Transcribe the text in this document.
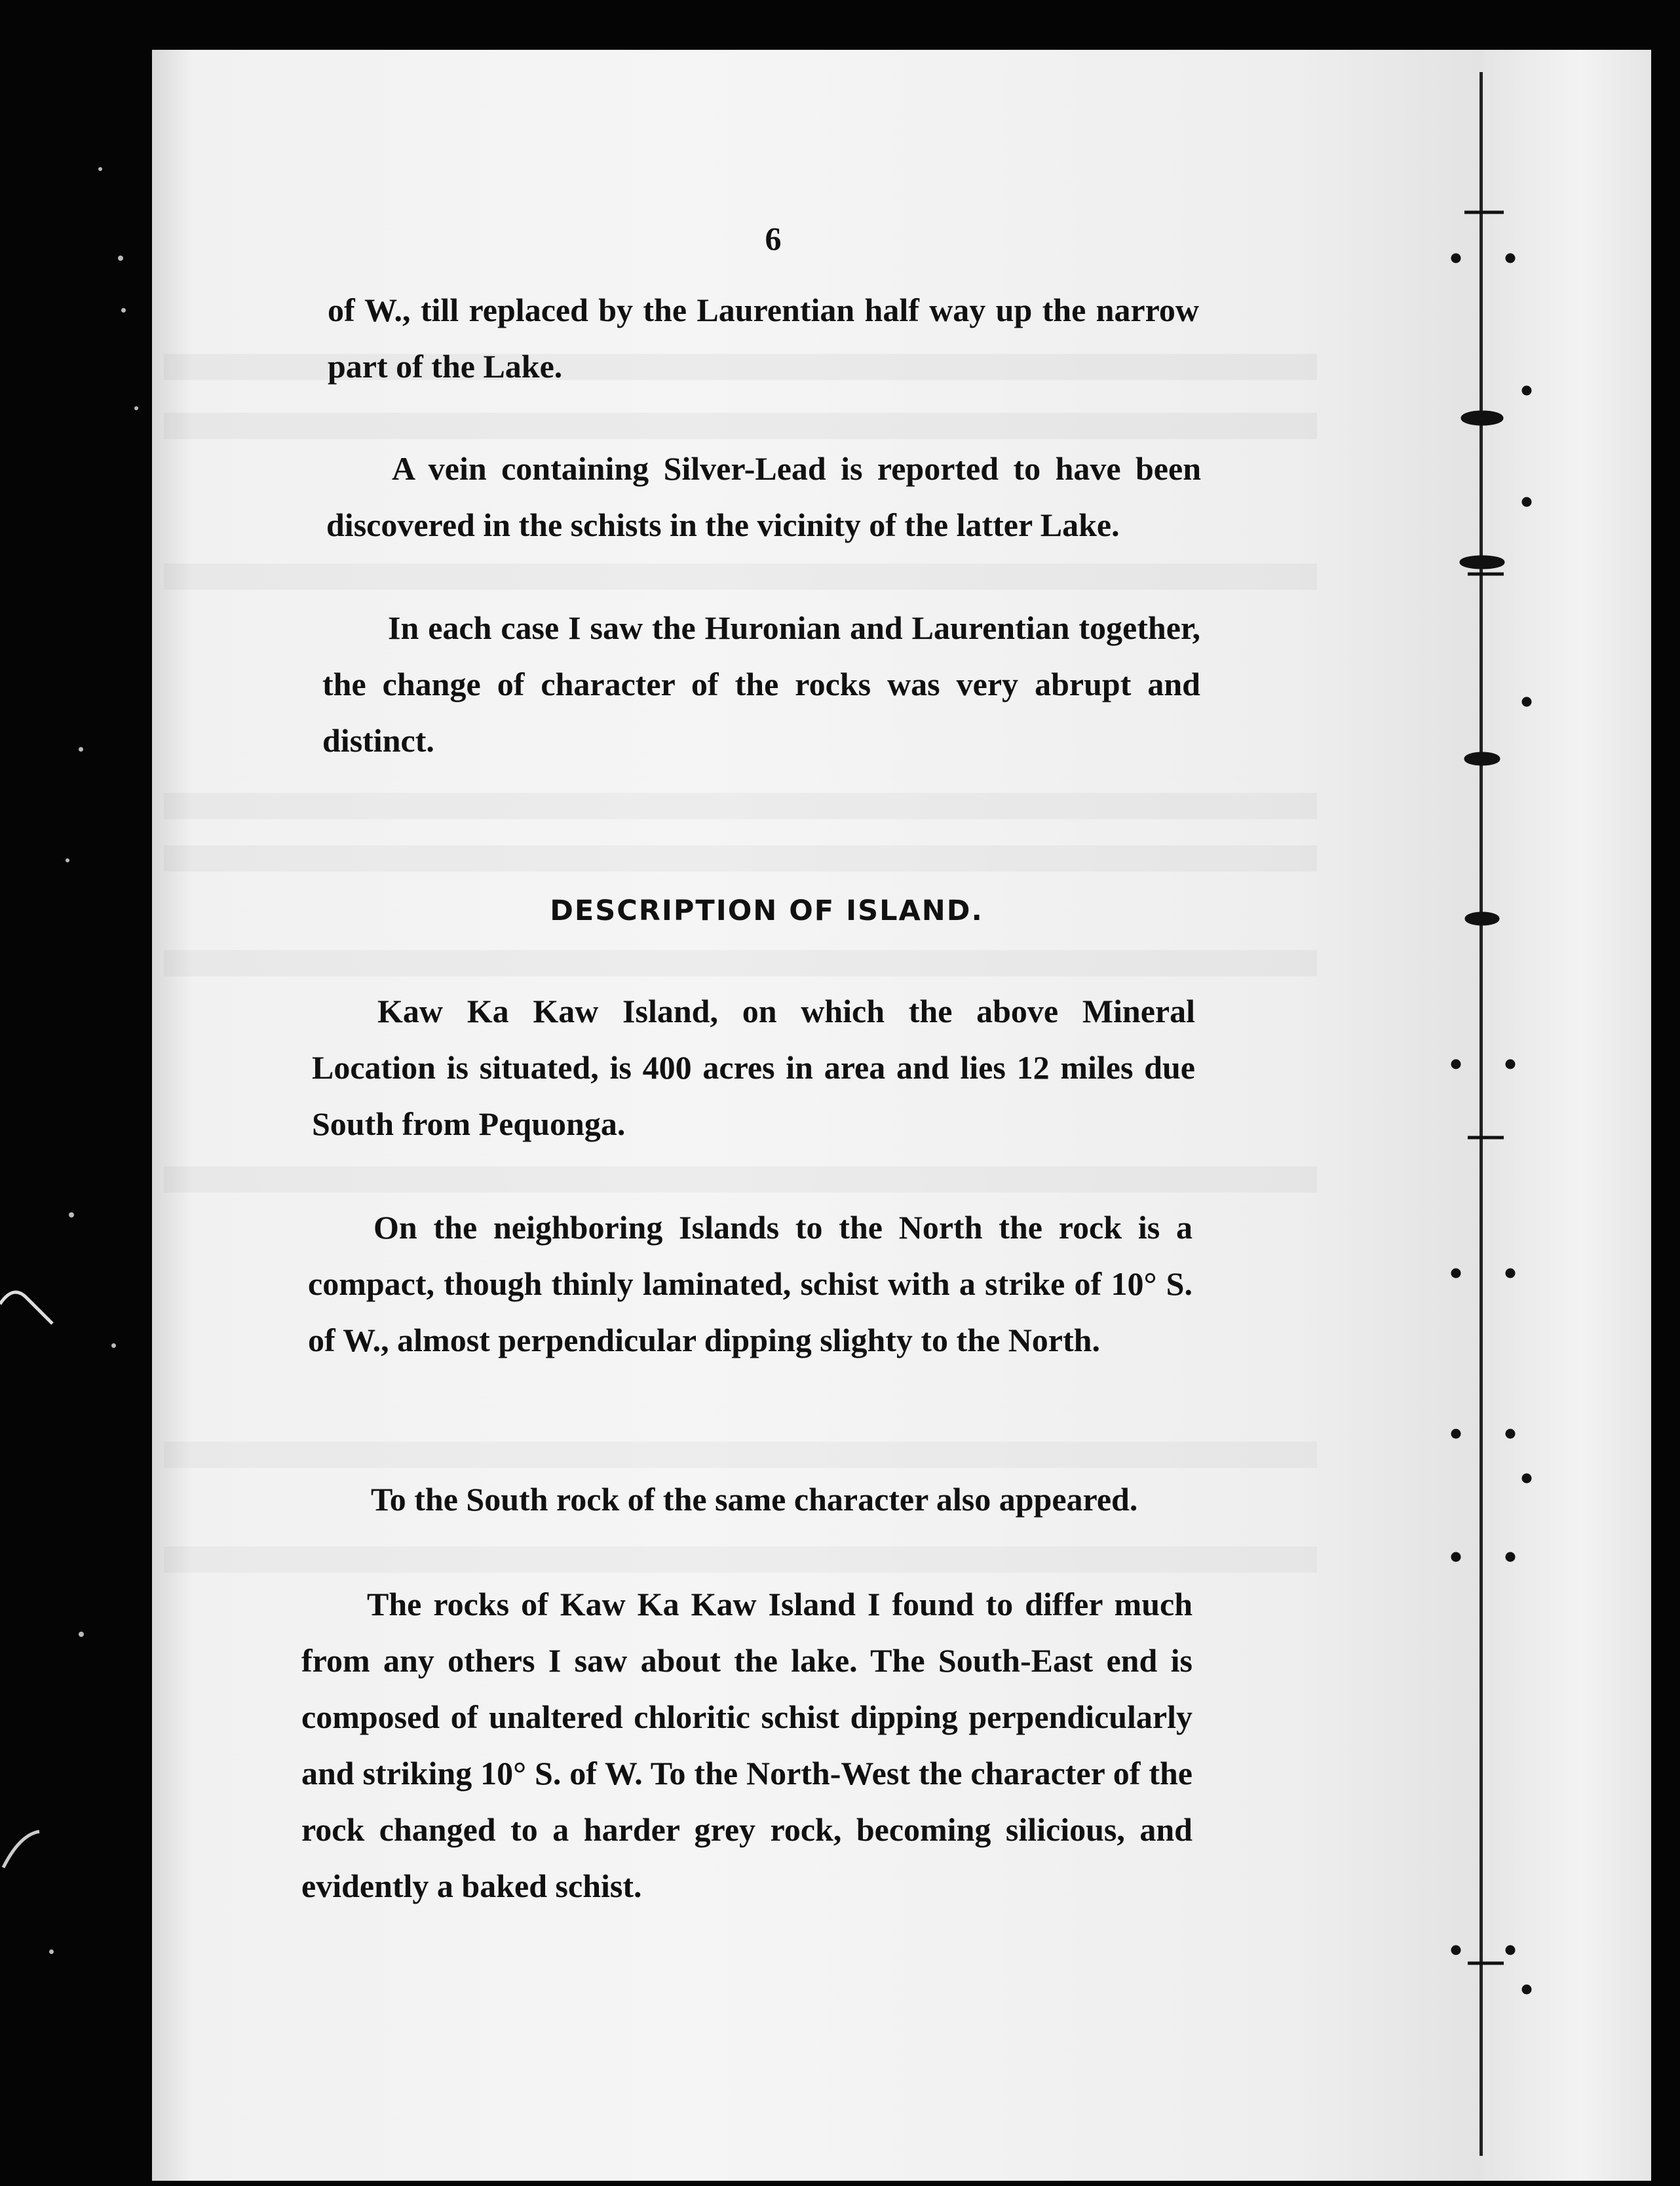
6

of W., till replaced by the Laurentian half way up the narrow part of the Lake.

A vein containing Silver-Lead is reported to have been discovered in the schists in the vicinity of the latter Lake.

In each case I saw the Huronian and Laurentian together, the change of character of the rocks was very abrupt and distinct.

DESCRIPTION OF ISLAND.

Kaw Ka Kaw Island, on which the above Mineral Location is situated, is 400 acres in area and lies 12 miles due South from Pequonga.

On the neighboring Islands to the North the rock is a compact, though thinly laminated, schist with a strike of 10° S. of W., almost perpendicular dipping slighty to the North.

To the South rock of the same character also appeared.

The rocks of Kaw Ka Kaw Island I found to differ much from any others I saw about the lake. The South-East end is composed of unaltered chloritic schist dipping perpendicularly and striking 10° S. of W. To the North-West the character of the rock changed to a harder grey rock, becoming silicious, and evidently a baked schist.
